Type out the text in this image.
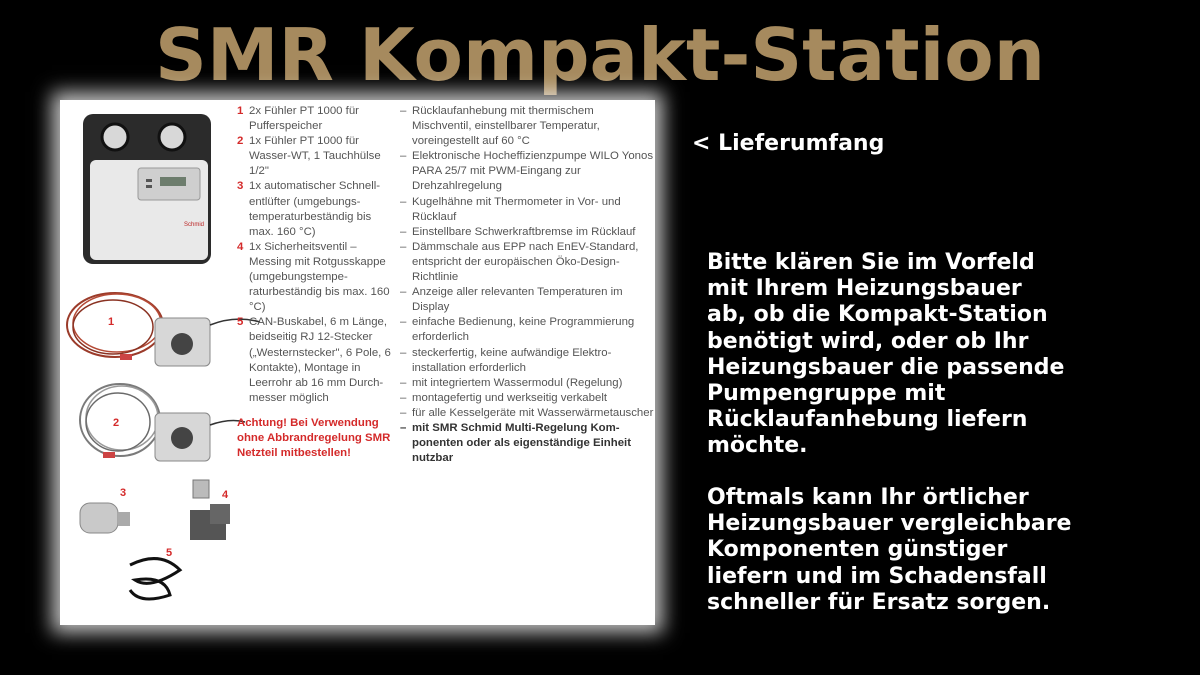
SMR Kompakt-Station
Schmid
1
2
3	4
5
1 2x Fühler PT 1000 für Pufferspeicher
2 1x Fühler PT 1000 für Wasser-WT, 1 Tauchhülse 1/2"
3 1x automatischer Schnellentlüfter (umgebungstemperaturbeständig bis max. 160 °C)
4 1x Sicherheitsventil – Messing mit Rotgusskappe (umgebungstemperaturbeständig bis max. 160 °C)
5 CAN-Buskabel, 6 m Länge, beidseitig RJ 12-Stecker („Westernstecker", 6 Pole, 6 Kontakte), Montage in Leerrohr ab 16 mm Durchmesser möglich
Achtung! Bei Verwendung ohne Abbrandregelung SMR Netzteil mitbestellen!
– Rücklaufanhebung mit thermischem Mischventil, einstellbarer Temperatur, voreingestellt auf 60 °C
– Elektronische Hocheffizienzpumpe WILO Yonos PARA 25/7 mit PWM-Eingang zur Drehzahlregelung
– Kugelhähne mit Thermometer in Vor- und Rücklauf
– Einstellbare Schwerkraftbremse im Rücklauf
– Dämmschale aus EPP nach EnEV-Standard, entspricht der europäischen Öko-Design-Richtlinie
– Anzeige aller relevanten Temperaturen im Display
– einfache Bedienung, keine Programmierung erforderlich
– steckerfertig, keine aufwändige Elektroinstallation erforderlich
– mit integriertem Wassermodul (Regelung)
– montagefertig und werkseitig verkabelt
– für alle Kesselgeräte mit Wasserwärmetauscher
– mit SMR Schmid Multi-Regelung Komponenten oder als eigenständige Einheit nutzbar
< Lieferumfang
Bitte klären Sie im Vorfeld
mit Ihrem Heizungsbauer
ab, ob die Kompakt-Station
benötigt wird, oder ob Ihr
Heizungsbauer die passende
Pumpengruppe mit
Rücklaufanhebung liefern
möchte.
Oftmals kann Ihr örtlicher
Heizungsbauer vergleichbare
Komponenten günstiger
liefern und im Schadensfall
schneller für Ersatz sorgen.
